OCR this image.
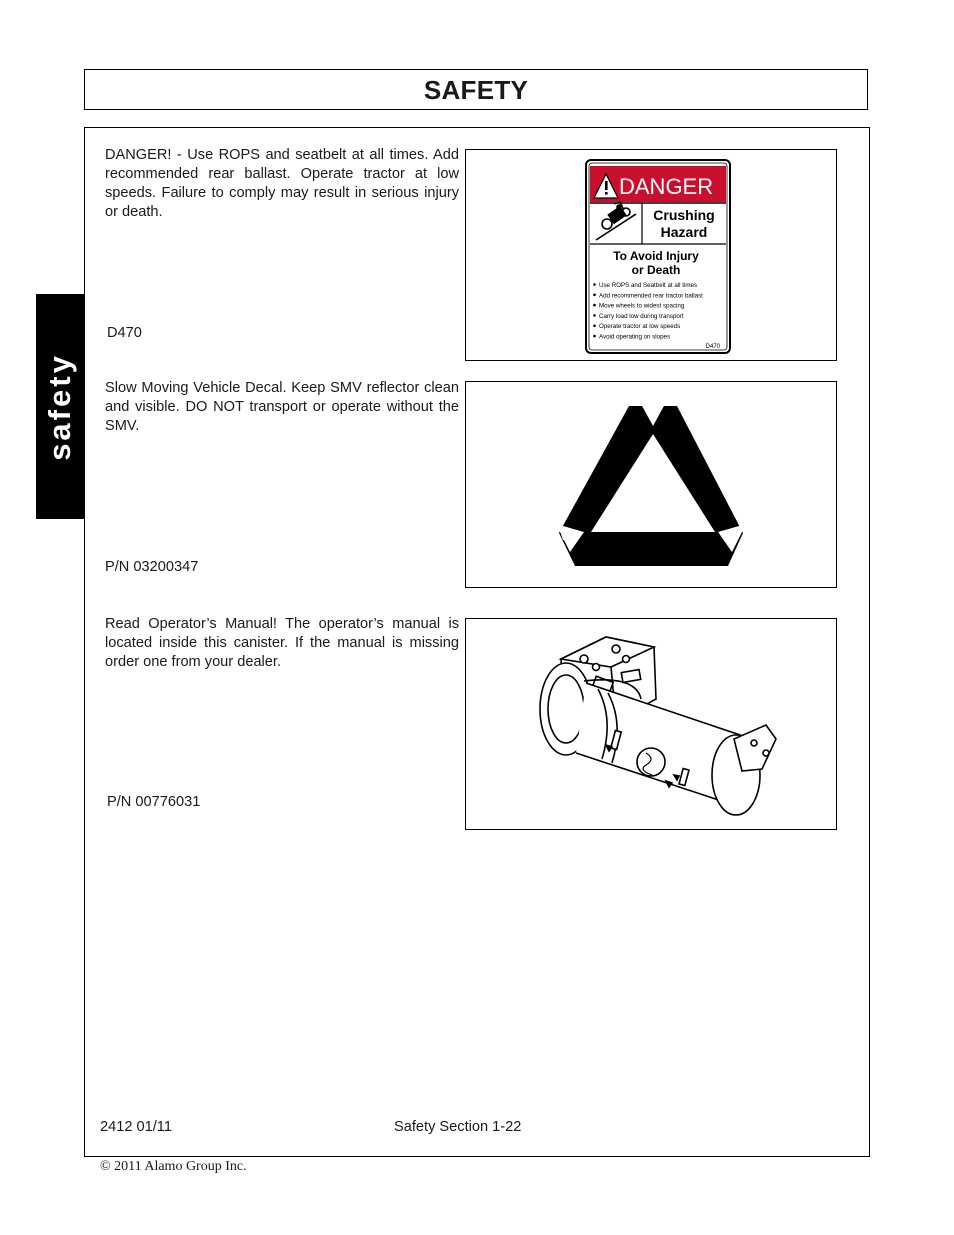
SAFETY
safety

DANGER! - Use ROPS and seatbelt at all times. Add recommended rear ballast. Operate tractor at low speeds. Failure to comply may result in serious injury or death.

D470

DANGER
Crushing
Hazard
To Avoid Injury
or Death
Use ROPS and Seatbelt at all times
Add recommended rear tractor ballast
Move wheels to widest spacing
Carry load low during transport
Operate tractor at low speeds
Avoid operating on slopes
D470

Slow Moving Vehicle Decal. Keep SMV reflector clean and visible. DO NOT transport or operate without the SMV.

P/N 03200347

Read Operator’s Manual! The operator’s manual is located inside this canister. If the manual is missing order one from your dealer.

P/N 00776031

2412 01/11	Safety Section 1-22

© 2011 Alamo Group Inc.
